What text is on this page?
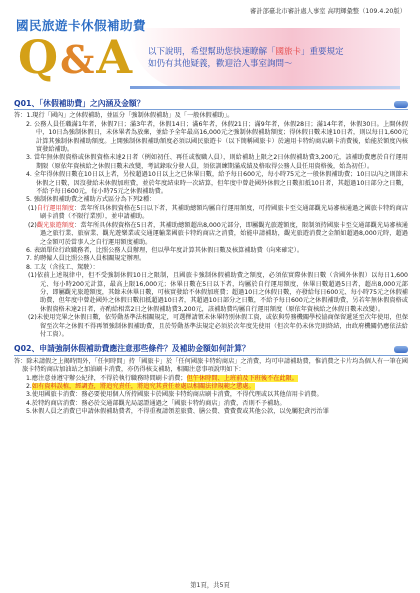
審計部臺北市審計處人事室 高明輝彙整（109.4.20版）
國民旅遊卡休假補助費
Q&A 以下說明，希望幫助您快速瞭解「國旅卡」重要規定
如仍有其他疑義，歡迎洽人事室詢問～
Q01、「休假補助費」之內涵及金額？

答：1.現行「國內」之休假補助，並區分「強制休假補助」及「一般休假補助」。

2. 公務人員任職滿1年者，休假7日；滿3年者，休假14日；滿6年者，休假21日；滿9年者，休假28日；滿14年者，休假30日。上開休假中，10日為強制休假日，未休畢者為放棄，並給予全年最高16,000元之強制休假補助額度；得休假日數未達10日者，則以每日1,600元計算其強制休假補助額度。上開強制休假補助額度必須以國民旅遊卡（以下簡稱國旅卡）於適用卡特約商店刷卡消費後，始能於額度內核實發給補助。

3. 當年無休假資格或休假資格未達2日者（例如初任、再任或復職人員），則給補助上限之2日休假補助費3,200元，該補助費應於自行運用期限（原依年資核給之休假日數未改變，考試錄取分發人員，須依訓練期滿成績及格取得公務人員任用資格後，始為初任）。

4. 全年得休假日數在10日以上者，另按超過10日以上之已休畢日數，給予每日600元，每小時75元之一般休假補助費；10日以內之則節未休假之日數，因沒發給未休假加班費，並於年度結束時一次結算，但年度中曾赴國外休假之日數扣抵10日者，其超過10日部分之日數，不給予每日600元，每小時75元之休假補助費。

5. 強制休假補助費之補助方式區分為下列2種：

(1)自行運用額度：當年所具休假資格在5日以下者，其補助總額均屬自行運用額度，可持國旅卡至交通部觀光局審核通過之國旅卡特約商店刷卡消費（不限行業別），並申請補助。

(2)觀光旅遊額度：當年所具休假資格在5日者，其補助總額超出8,000元部分，即屬觀光旅遊額度，限制須持國旅卡至交通部觀光局審核通過之旅行業、旅宿業、觀光遊樂業或交通運輸業國旅卡特約商店之消費，始能申請補助，觀光旅遊消費之金額如超過8,000元時，超過之金額可於當事人之自行運用額度補助。

6. 表頭單位行政職務者，比照公務人員辦理，但以學年度計算其休假日數及核算補助費（向來確定）。

7. 約聘僱人員比照公務人員相關規定辦理。

8. 工友（含技工、駕駛）：

(1)依前上述規律中，但不受強制休假10日之限制，且國旅卡強制休假補助費之額度，必須依實際休假日數（含國外休假）以每日1,600元、每小時200元計算，最高上限16,000元；休畢日數在5日以下者，均屬於自行運用額度，休畢日數超過5日者，超出8,000元部分，即屬觀光旅遊額度，其餘未休畢日數，可核實發給不休假加班費；超過10日之休假日數，亦發給每日600元、每小時75元之休假補助費，但年度中曾赴國外之休假日數扣抵超過10日者，其超過10日部分之日數，不給予每日600元之休假補助費，另若年無休假資格或休假資格未達2日者，亦酌給相當2日之休假補助費3,200元，該補助費均屬自行運用額度（原依年資核給之休假日數未改變）。

(2)未使用完畢之休假日數，依勞動基準法相關規定，可選擇請領未休畢特別休假工資，或依與勞務機關學校協商保留遞延至次年使用，但保留至次年之休假不得再領強制休假補助費，且於勞動基準法規定必須於次年度先使用（但次年仍未休完則終結，由政府機關仍應依法給付工資）。

Q02、申請強制休假補助費應注意那些條件？及補助金額如何計算？

答：除未請假之上揭時間外，「任何時間」持「國旅卡」於「任何國旅卡特約商店」之消費，均可申請補助費，惟消費之卡片均為個人有一筆在國旅卡特約商店加油站之加油刷卡消費，亦仍得核支補助，相關注意事項說明如下：

1.應注意並遵守辦公紀律，不得於執行職務時間刷卡消費；但午休時間、上班前及下班後不在此限。

2.如有資料誤植，經調查，將追究責任，將追究其責任並處以相關法律規範之懲處。

3.使用國旅卡消費：務必要使用個人所持國旅卡於國旅卡特約商店刷卡消費，不得代理或以其他信用卡消費。

4.於特約商店消費：務必於交通部觀光局認證通過之「國旅卡特約商店」消費，否則不予補助。

5.休假人員之消費已申請休假補助費者，不得重複請領差旅費、膳公費、費費費或其他公款，以免觸犯貪污治罪

第1頁，共5頁
